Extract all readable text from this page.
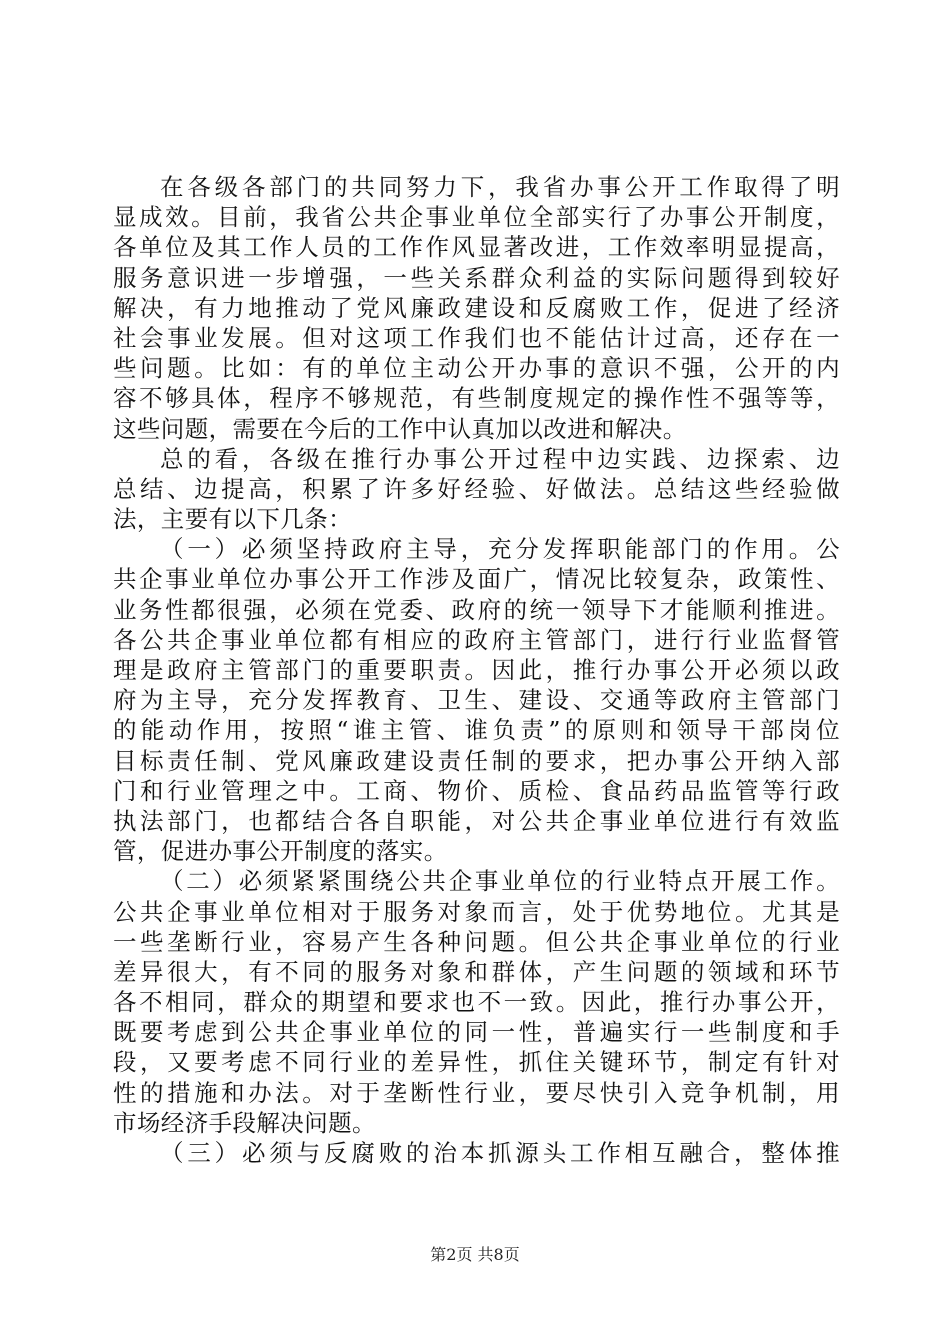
在各级各部门的共同努力下，我省办事公开工作取得了明
显成效。目前，我省公共企事业单位全部实行了办事公开制度，
各单位及其工作人员的工作作风显著改进，工作效率明显提高，
服务意识进一步增强，一些关系群众利益的实际问题得到较好
解决，有力地推动了党风廉政建设和反腐败工作，促进了经济
社会事业发展。但对这项工作我们也不能估计过高，还存在一
些问题。比如：有的单位主动公开办事的意识不强，公开的内
容不够具体，程序不够规范，有些制度规定的操作性不强等等，
这些问题，需要在今后的工作中认真加以改进和解决。
总的看，各级在推行办事公开过程中边实践、边探索、边
总结、边提高，积累了许多好经验、好做法。总结这些经验做
法，主要有以下几条：
（一）必须坚持政府主导，充分发挥职能部门的作用。公
共企事业单位办事公开工作涉及面广，情况比较复杂，政策性、
业务性都很强，必须在党委、政府的统一领导下才能顺利推进。
各公共企事业单位都有相应的政府主管部门，进行行业监督管
理是政府主管部门的重要职责。因此，推行办事公开必须以政
府为主导，充分发挥教育、卫生、建设、交通等政府主管部门
的能动作用，按照“谁主管、谁负责”的原则和领导干部岗位
目标责任制、党风廉政建设责任制的要求，把办事公开纳入部
门和行业管理之中。工商、物价、质检、食品药品监管等行政
执法部门，也都结合各自职能，对公共企事业单位进行有效监
管，促进办事公开制度的落实。
（二）必须紧紧围绕公共企事业单位的行业特点开展工作。
公共企事业单位相对于服务对象而言，处于优势地位。尤其是
一些垄断行业，容易产生各种问题。但公共企事业单位的行业
差异很大，有不同的服务对象和群体，产生问题的领域和环节
各不相同，群众的期望和要求也不一致。因此，推行办事公开，
既要考虑到公共企事业单位的同一性，普遍实行一些制度和手
段，又要考虑不同行业的差异性，抓住关键环节，制定有针对
性的措施和办法。对于垄断性行业，要尽快引入竞争机制，用
市场经济手段解决问题。
（三）必须与反腐败的治本抓源头工作相互融合，整体推
第2页 共8页
